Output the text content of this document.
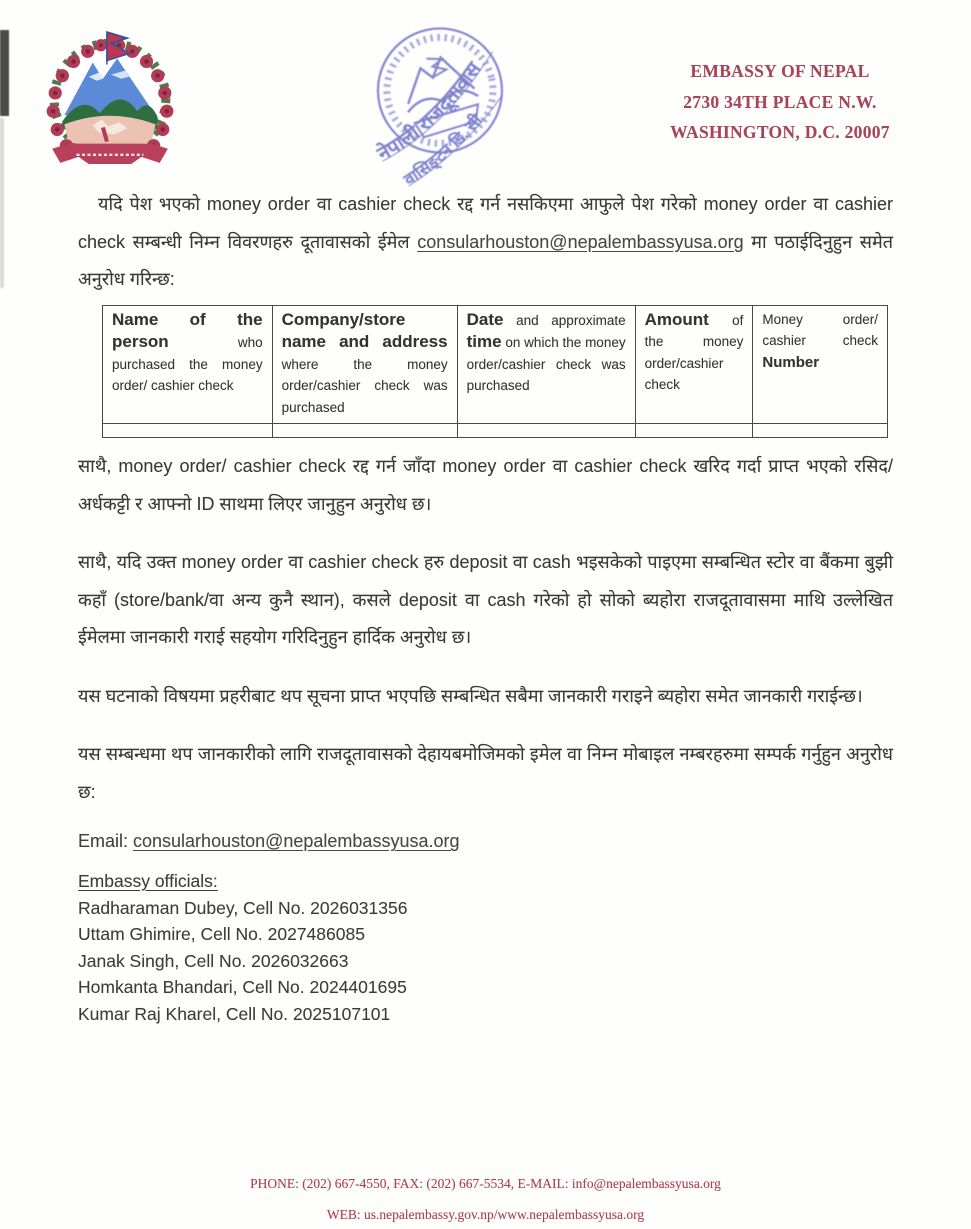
नेपाली राजदूतावास
वासिङ्टन डि. सी
EMBASSY OF NEPAL
2730 34TH PLACE N.W.
WASHINGTON, D.C. 20007

यदि पेश भएको money order वा cashier check रद्द गर्न नसकिएमा आफुले पेश गरेको money order वा cashier check सम्बन्धी निम्न विवरणहरु दूतावासको ईमेल consularhouston@nepalembassyusa.org मा पठाईदिनुहुन समेत अनुरोध गरिन्छ:

Name of the person who purchased the money order/ cashier check	Company/store name and address where the money order/cashier check was purchased	Date and approximate time on which the money order/cashier check was purchased	Amount of the money order/cashier check	Money order/ cashier check Number

साथै, money order/ cashier check रद्द गर्न जाँदा money order वा cashier check खरिद गर्दा प्राप्त भएको रसिद/अर्धकट्टी र आफ्नो ID साथमा लिएर जानुहुन अनुरोध छ।

साथै, यदि उक्त money order वा cashier check हरु deposit वा cash भइसकेको पाइएमा सम्बन्धित स्टोर वा बैंकमा बुझी कहाँ (store/bank/वा अन्य कुनै स्थान), कसले deposit वा cash गरेको हो सोको ब्यहोरा राजदूतावासमा माथि उल्लेखित ईमेलमा जानकारी गराई सहयोग गरिदिनुहुन हार्दिक अनुरोध छ।

यस घटनाको विषयमा प्रहरीबाट थप सूचना प्राप्त भएपछि सम्बन्धित सबैमा जानकारी गराइने ब्यहोरा समेत जानकारी गराईन्छ।

यस सम्बन्धमा थप जानकारीको लागि राजदूतावासको देहायबमोजिमको इमेल वा निम्न मोबाइल नम्बरहरुमा सम्पर्क गर्नुहुन अनुरोध छ:

Email: consularhouston@nepalembassyusa.org
Embassy officials:
Radharaman Dubey, Cell No. 2026031356
Uttam Ghimire, Cell No. 2027486085
Janak Singh, Cell No. 2026032663
Homkanta Bhandari, Cell No. 2024401695
Kumar Raj Kharel, Cell No. 2025107101
PHONE: (202) 667-4550, FAX: (202) 667-5534, E-MAIL: info@nepalembassyusa.org
WEB: us.nepalembassy.gov.np/www.nepalembassyusa.org
